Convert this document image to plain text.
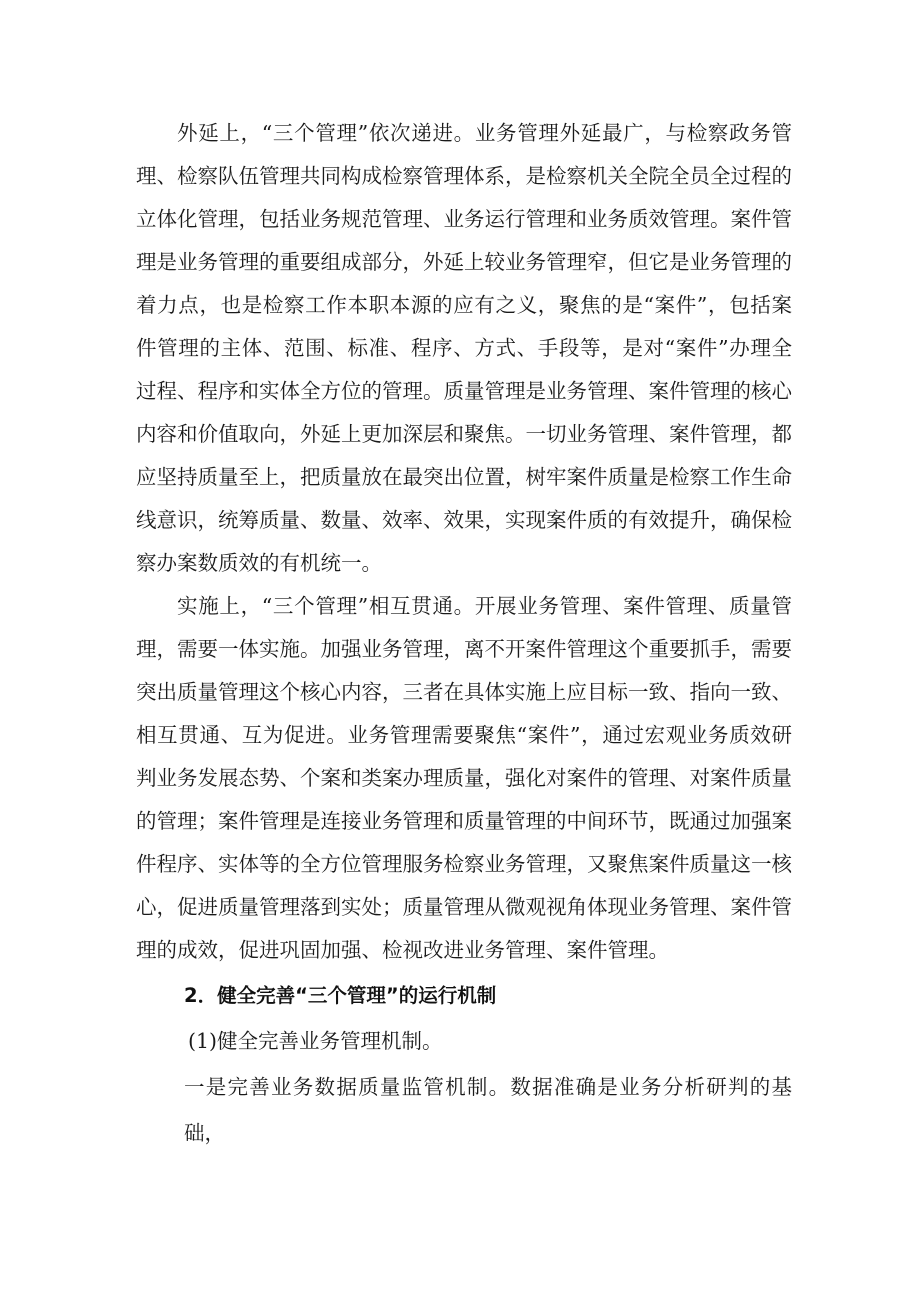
外延上，“三个管理”依次递进。业务管理外延最广，与检察政务管理、检察队伍管理共同构成检察管理体系，是检察机关全院全员全过程的立体化管理，包括业务规范管理、业务运行管理和业务质效管理。案件管理是业务管理的重要组成部分，外延上较业务管理窄，但它是业务管理的着力点，也是检察工作本职本源的应有之义，聚焦的是“案件”，包括案件管理的主体、范围、标准、程序、方式、手段等，是对“案件”办理全过程、程序和实体全方位的管理。质量管理是业务管理、案件管理的核心内容和价值取向，外延上更加深层和聚焦。一切业务管理、案件管理，都应坚持质量至上，把质量放在最突出位置，树牢案件质量是检察工作生命线意识，统筹质量、数量、效率、效果，实现案件质的有效提升，确保检察办案数质效的有机统一。

实施上，“三个管理”相互贯通。开展业务管理、案件管理、质量管理，需要一体实施。加强业务管理，离不开案件管理这个重要抓手，需要突出质量管理这个核心内容，三者在具体实施上应目标一致、指向一致、相互贯通、互为促进。业务管理需要聚焦“案件”，通过宏观业务质效研判业务发展态势、个案和类案办理质量，强化对案件的管理、对案件质量的管理；案件管理是连接业务管理和质量管理的中间环节，既通过加强案件程序、实体等的全方位管理服务检察业务管理，又聚焦案件质量这一核心，促进质量管理落到实处；质量管理从微观视角体现业务管理、案件管理的成效，促进巩固加强、检视改进业务管理、案件管理。

2．健全完善“三个管理”的运行机制

(1)健全完善业务管理机制。

一是完善业务数据质量监管机制。数据准确是业务分析研判的基础，
